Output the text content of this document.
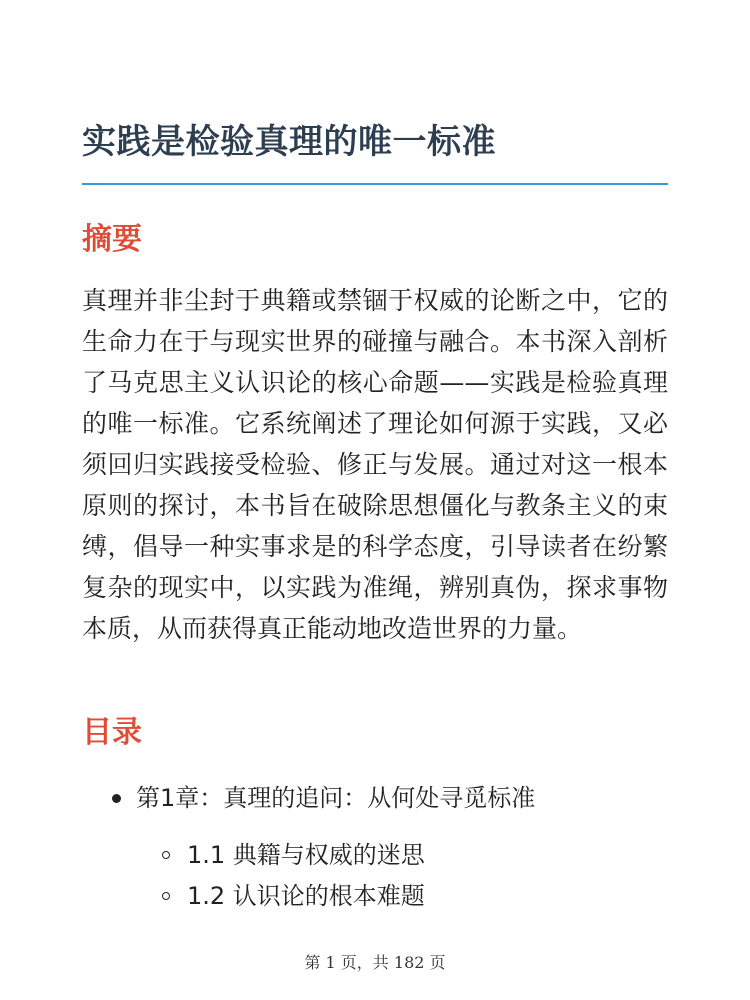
实践是检验真理的唯一标准
摘要

真理并非尘封于典籍或禁锢于权威的论断之中，它的生命力在于与现实世界的碰撞与融合。本书深入剖析了马克思主义认识论的核心命题——实践是检验真理的唯一标准。它系统阐述了理论如何源于实践，又必须回归实践接受检验、修正与发展。通过对这一根本原则的探讨，本书旨在破除思想僵化与教条主义的束缚，倡导一种实事求是的科学态度，引导读者在纷繁复杂的现实中，以实践为准绳，辨别真伪，探求事物本质，从而获得真正能动地改造世界的力量。

目录
第1章：真理的追问：从何处寻觅标准
1.1 典籍与权威的迷思
1.2 认识论的根本难题
第 1 页，共 182 页
